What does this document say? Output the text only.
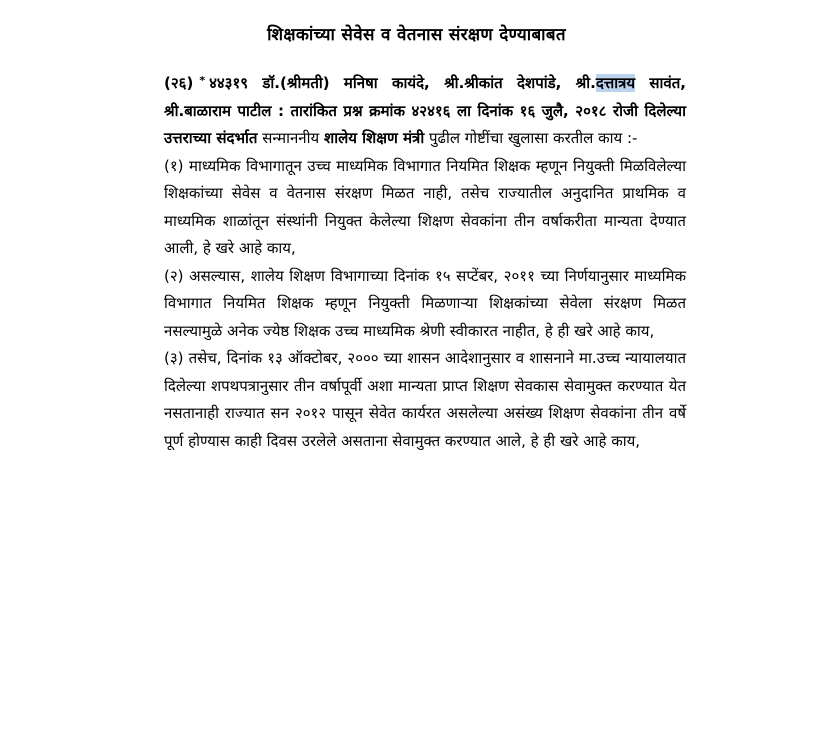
शिक्षकांच्या सेवेस व वेतनास संरक्षण देण्याबाबत

(२६) * ४४३१९ डॉ.(श्रीमती) मनिषा कायंदे, श्री.श्रीकांत देशपांडे, श्री.दत्तात्रय सावंत, श्री.बाळाराम पाटील : तारांकित प्रश्न क्रमांक ४२४१६ ला दिनांक १६ जुलै, २०१८ रोजी दिलेल्या उत्तराच्या संदर्भात सन्माननीय शालेय शिक्षण मंत्री पुढील गोष्टींचा खुलासा करतील काय :-

(१) माध्यमिक विभागातून उच्च माध्यमिक विभागात नियमित शिक्षक म्हणून नियुक्ती मिळविलेल्या शिक्षकांच्या सेवेस व वेतनास संरक्षण मिळत नाही, तसेच राज्यातील अनुदानित प्राथमिक व माध्यमिक शाळांतून संस्थांनी नियुक्त केलेल्या शिक्षण सेवकांना तीन वर्षाकरीता मान्यता देण्यात आली, हे खरे आहे काय,

(२) असल्यास, शालेय शिक्षण विभागाच्या दिनांक १५ सप्टेंबर, २०११ च्या निर्णयानुसार माध्यमिक विभागात नियमित शिक्षक म्हणून नियुक्ती मिळणाऱ्या शिक्षकांच्या सेवेला संरक्षण मिळत नसल्यामुळे अनेक ज्येष्ठ शिक्षक उच्च माध्यमिक श्रेणी स्वीकारत नाहीत, हे ही खरे आहे काय,

(३) तसेच, दिनांक १३ ऑक्टोबर, २००० च्या शासन आदेशानुसार व शासनाने मा.उच्च न्यायालयात दिलेल्या शपथपत्रानुसार तीन वर्षापूर्वी अशा मान्यता प्राप्त शिक्षण सेवकास सेवामुक्त करण्यात येत नसतानाही राज्यात सन २०१२ पासून सेवेत कार्यरत असलेल्या असंख्य शिक्षण सेवकांना तीन वर्षे पूर्ण होण्यास काही दिवस उरलेले असताना सेवामुक्त करण्यात आले, हे ही खरे आहे काय,
